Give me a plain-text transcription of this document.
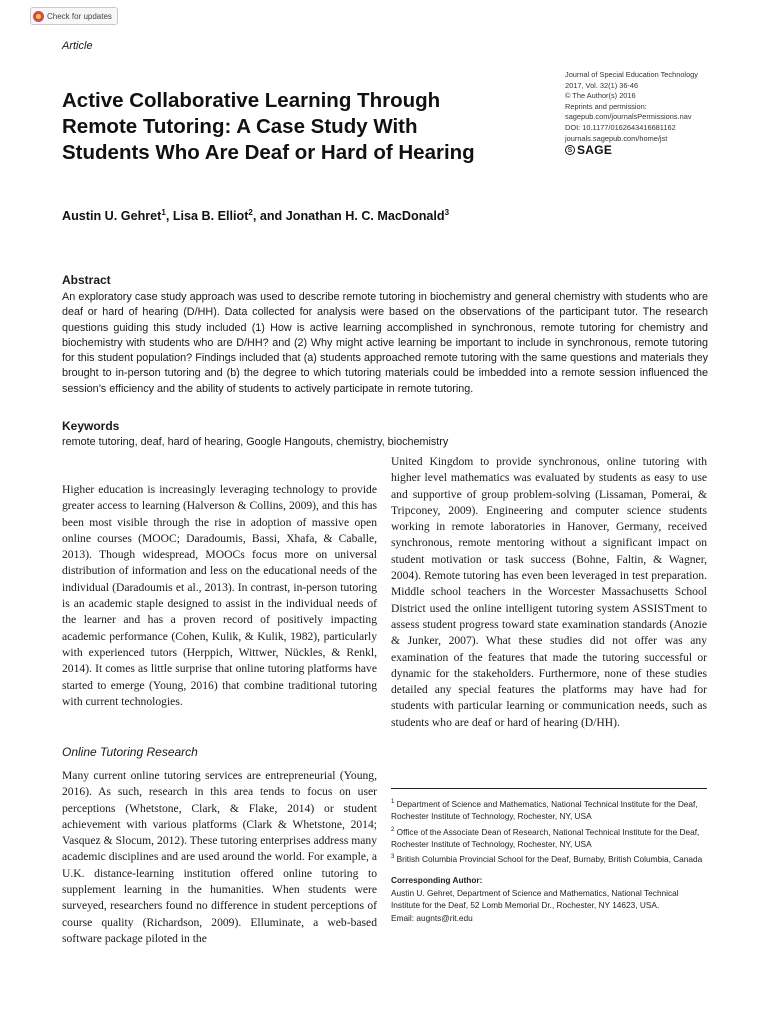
Check for updates
Article
Journal of Special Education Technology
2017, Vol. 32(1) 36-46
© The Author(s) 2016
Reprints and permission:
sagepub.com/journalsPermissions.nav
DOI: 10.1177/0162643416681162
journals.sagepub.com/home/jst
S SAGE
Active Collaborative Learning Through
Remote Tutoring: A Case Study With
Students Who Are Deaf or Hard of Hearing
Austin U. Gehret$^1$, Lisa B. Elliot$^2$, and Jonathan H. C. MacDonald$^3$
Abstract
An exploratory case study approach was used to describe remote tutoring in biochemistry and general chemistry with students who are deaf or hard of hearing (D/HH). Data collected for analysis were based on the observations of the participant tutor. The research questions guiding this study included (1) How is active learning accomplished in synchronous, remote tutoring for chemistry and biochemistry with students who are D/HH? and (2) Why might active learning be important to include in synchronous, remote tutoring for this student population? Findings included that (a) students approached remote tutoring with the same questions and materials they brought to in-person tutoring and (b) the degree to which tutoring materials could be imbedded into a remote session influenced the session’s efficiency and the ability of students to actively participate in remote tutoring.
Keywords
remote tutoring, deaf, hard of hearing, Google Hangouts, chemistry, biochemistry
Higher education is increasingly leveraging technology to provide greater access to learning (Halverson & Collins, 2009), and this has been most visible through the rise in adoption of massive open online courses (MOOC; Daradoumis, Bassi, Xhafa, & Caballe, 2013). Though widespread, MOOCs focus more on universal distribution of information and less on the educational needs of the individual (Daradoumis et al., 2013). In contrast, in-person tutoring is an academic staple designed to assist in the individual needs of the learner and has a proven record of positively impacting academic performance (Cohen, Kulik, & Kulik, 1982), particularly with experienced tutors (Herppich, Wittwer, Nückles, & Renkl, 2014). It comes as little surprise that online tutoring platforms have started to emerge (Young, 2016) that combine traditional tutoring with current technologies.
Online Tutoring Research
Many current online tutoring services are entrepreneurial (Young, 2016). As such, research in this area tends to focus on user perceptions (Whetstone, Clark, & Flake, 2014) or student achievement with various platforms (Clark & Whetstone, 2014; Vasquez & Slocum, 2012). These tutoring enterprises address many academic disciplines and are used around the world. For example, a U.K. distance-learning institution offered online tutoring to supplement learning in the humanities. When students were surveyed, researchers found no difference in student perceptions of course quality (Richardson, 2009). Elluminate, a web-based software package piloted in the
United Kingdom to provide synchronous, online tutoring with higher level mathematics was evaluated by students as easy to use and supportive of group problem-solving (Lissaman, Pomerai, & Tripconey, 2009). Engineering and computer science students working in remote laboratories in Hanover, Germany, received synchronous, remote mentoring without a significant impact on student motivation or task success (Bohne, Faltin, & Wagner, 2004). Remote tutoring has even been leveraged in test preparation. Middle school teachers in the Worcester Massachusetts School District used the online intelligent tutoring system ASSISTment to assess student progress toward state examination standards (Anozie & Junker, 2007). What these studies did not offer was any examination of the features that made the tutoring successful or dynamic for the stakeholders. Furthermore, none of these studies detailed any special features the platforms may have had for students with particular learning or communication needs, such as students who are deaf or hard of hearing (D/HH).
$^1$ Department of Science and Mathematics, National Technical Institute for the Deaf, Rochester Institute of Technology, Rochester, NY, USA
$^2$ Office of the Associate Dean of Research, National Technical Institute for the Deaf, Rochester Institute of Technology, Rochester, NY, USA
$^3$ British Columbia Provincial School for the Deaf, Burnaby, British Columbia, Canada
Corresponding Author:
Austin U. Gehret, Department of Science and Mathematics, National Technical Institute for the Deaf, 52 Lomb Memorial Dr., Rochester, NY 14623, USA.
Email: augnts@rit.edu
